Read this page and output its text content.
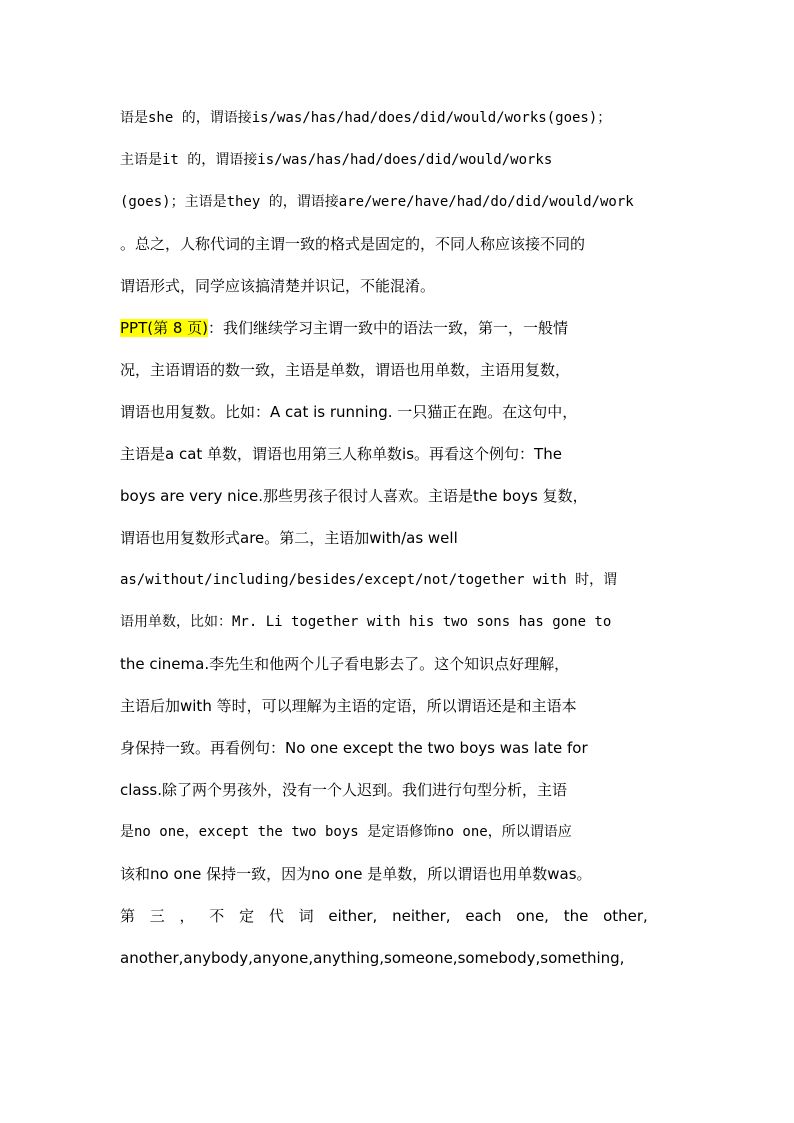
语是she 的，谓语接is/was/has/had/does/did/would/works(goes)；
主语是it 的，谓语接is/was/has/had/does/did/would/works
(goes)；主语是they 的，谓语接are/were/have/had/do/did/would/work
。总之，人称代词的主谓一致的格式是固定的，不同人称应该接不同的
谓语形式，同学应该搞清楚并识记，不能混淆。
PPT(第 8 页)：我们继续学习主谓一致中的语法一致，第一，一般情
况，主语谓语的数一致，主语是单数，谓语也用单数，主语用复数，
谓语也用复数。比如：A cat is running. 一只猫正在跑。在这句中，
主语是a cat 单数，谓语也用第三人称单数is。再看这个例句：The
boys are very nice.那些男孩子很讨人喜欢。主语是the boys 复数，
谓语也用复数形式are。第二，主语加with/as well
as/without/including/besides/except/not/together with 时，谓
语用单数，比如：Mr. Li together with his two sons has gone to
the cinema.李先生和他两个儿子看电影去了。这个知识点好理解，
主语后加with 等时，可以理解为主语的定语，所以谓语还是和主语本
身保持一致。再看例句：No one except the two boys was late for
class.除了两个男孩外，没有一个人迟到。我们进行句型分析，主语
是no one，except the two boys 是定语修饰no one，所以谓语应
该和no one 保持一致，因为no one 是单数，所以谓语也用单数was。
第 三 ， 不 定 代 词 either, neither, each one, the other,
another,anybody,anyone,anything,someone,somebody,something,
